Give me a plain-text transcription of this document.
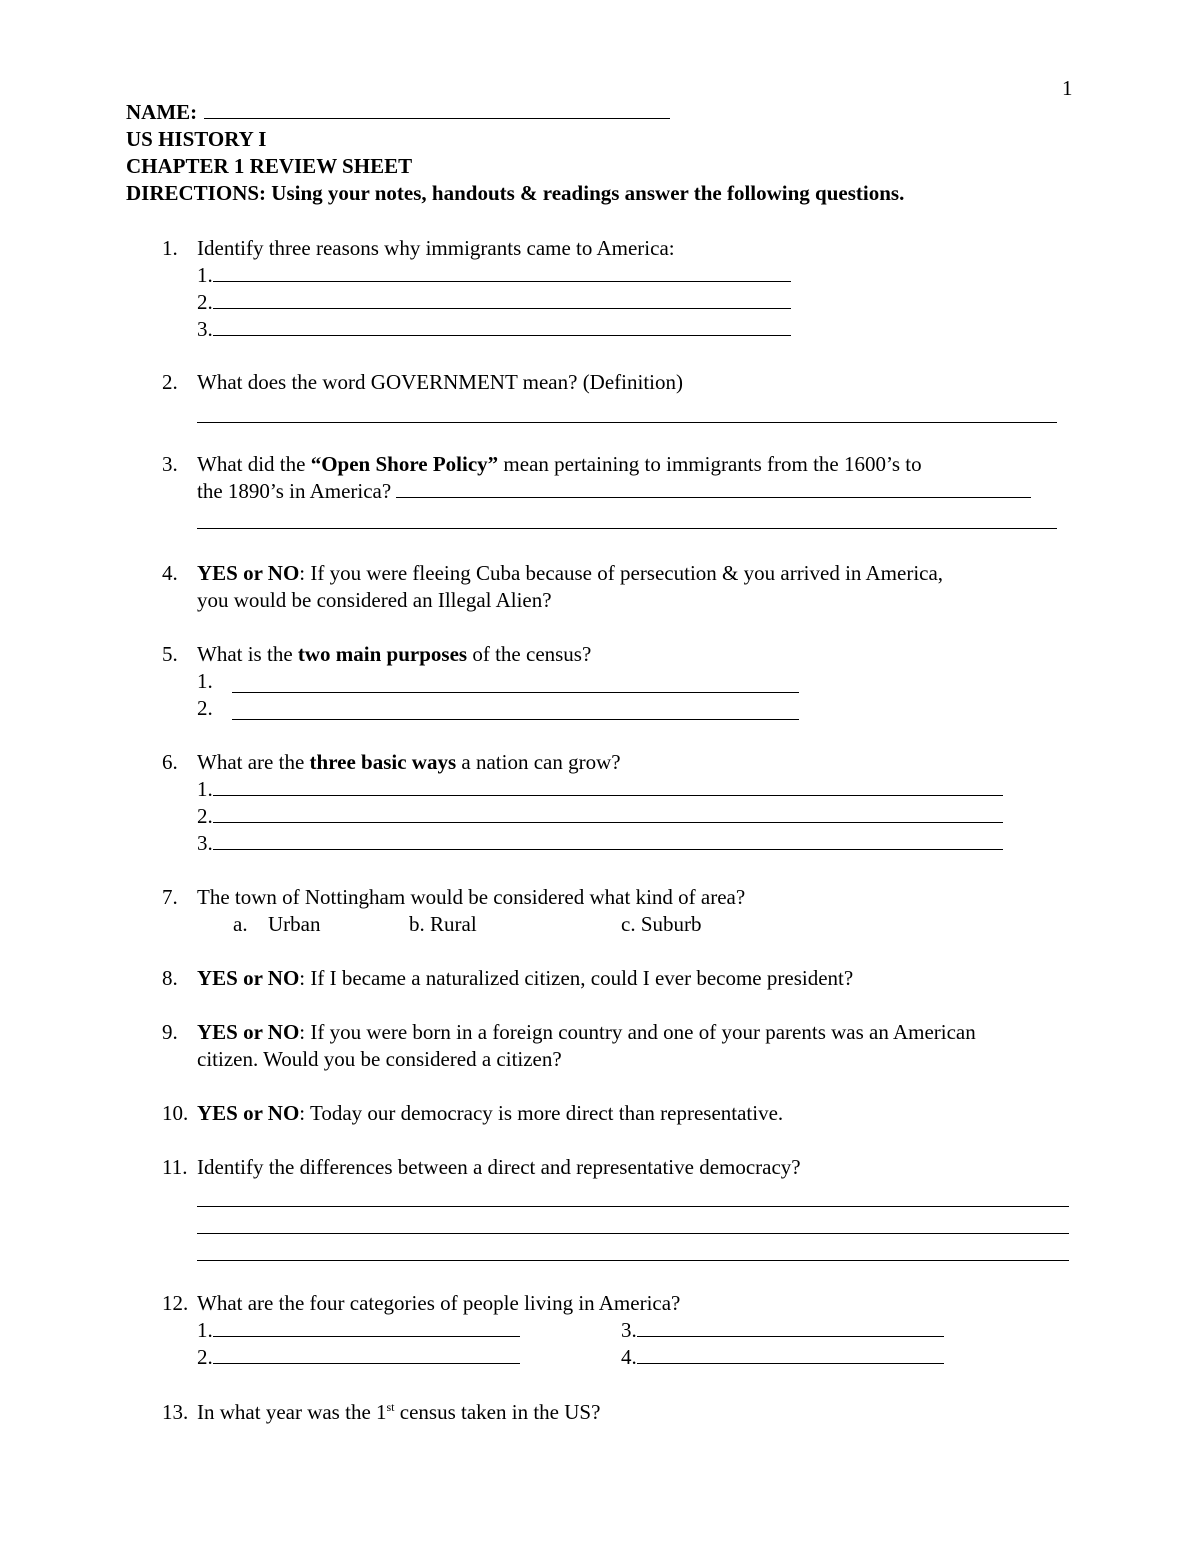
1
NAME:
US HISTORY I
CHAPTER 1 REVIEW SHEET
DIRECTIONS: Using your notes, handouts & readings answer the following questions.
1. Identify three reasons why immigrants came to America:
1.
2.
3.
2. What does the word GOVERNMENT mean? (Definition)
3. What did the “Open Shore Policy” mean pertaining to immigrants from the 1600’s to
the 1890’s in America?
4. YES or NO: If you were fleeing Cuba because of persecution & you arrived in America,
you would be considered an Illegal Alien?
5. What is the two main purposes of the census?
1.
2.
6. What are the three basic ways a nation can grow?
1.
2.
3.
7. The town of Nottingham would be considered what kind of area?
a. Urban	b. Rural	c. Suburb
8. YES or NO: If I became a naturalized citizen, could I ever become president?
9. YES or NO: If you were born in a foreign country and one of your parents was an American
citizen. Would you be considered a citizen?
10. YES or NO: Today our democracy is more direct than representative.
11. Identify the differences between a direct and representative democracy?
12. What are the four categories of people living in America?
1.
2.
3.
4.
13. In what year was the 1st census taken in the US?
